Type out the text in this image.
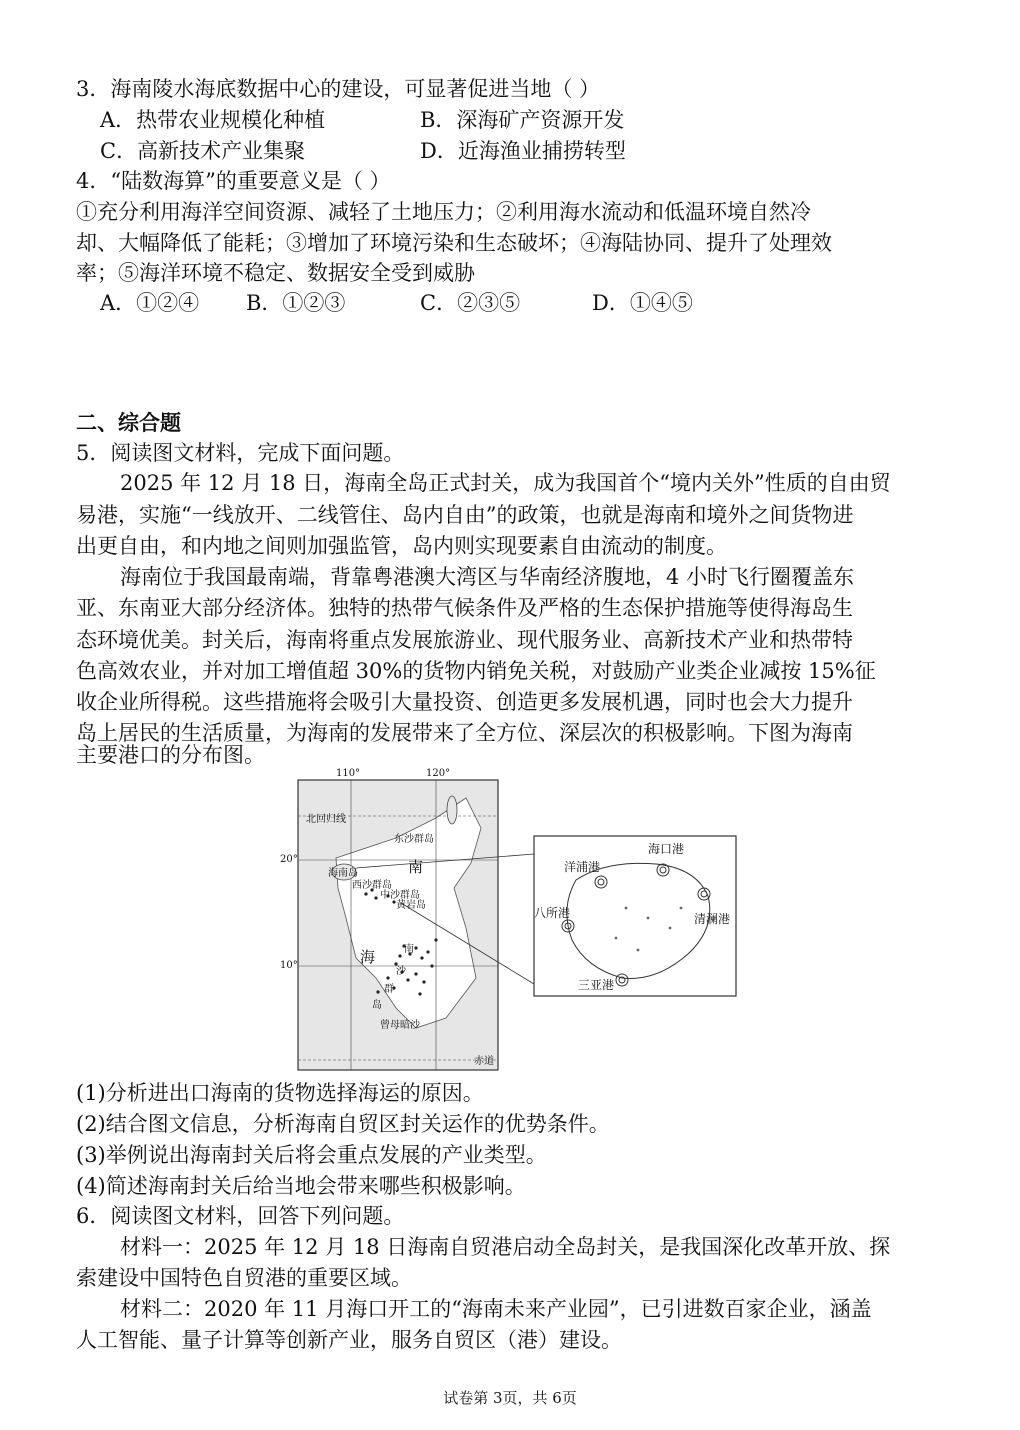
3．海南陵水海底数据中心的建设，可显著促进当地（ ）
A．热带农业规模化种植	B．深海矿产资源开发
C．高新技术产业集聚	D．近海渔业捕捞转型
4．“陆数海算”的重要意义是（ ）
①充分利用海洋空间资源、减轻了土地压力；②利用海水流动和低温环境自然冷
却、大幅降低了能耗；③增加了环境污染和生态破坏；④海陆协同、提升了处理效
率；⑤海洋环境不稳定、数据安全受到威胁
A．①②④ B．①②③	C．②③⑤	D．①④⑤
二、综合题
5．阅读图文材料，完成下面问题。
2025 年 12 月 18 日，海南全岛正式封关，成为我国首个“境内关外”性质的自由贸
易港，实施“一线放开、二线管住、岛内自由”的政策，也就是海南和境外之间货物进
出更自由，和内地之间则加强监管，岛内则实现要素自由流动的制度。
海南位于我国最南端，背靠粤港澳大湾区与华南经济腹地，4 小时飞行圈覆盖东
亚、东南亚大部分经济体。独特的热带气候条件及严格的生态保护措施等使得海岛生
态环境优美。封关后，海南将重点发展旅游业、现代服务业、高新技术产业和热带特
色高效农业，并对加工增值超 30%的货物内销免关税，对鼓励产业类企业减按 15%征
收企业所得税。这些措施将会吸引大量投资、创造更多发展机遇，同时也会大力提升
岛上居民的生活质量，为海南的发展带来了全方位、深层次的积极影响。下图为海南
主要港口的分布图。
110°	120°
20°
10°
北回归线
东沙群岛
海南岛
西沙群岛
中沙群岛
黄岩岛
南
海	南
沙
群
岛
曾母暗沙
赤道
海口港
洋浦港
八所港	清澜港
三亚港
(1)分析进出口海南的货物选择海运的原因。
(2)结合图文信息，分析海南自贸区封关运作的优势条件。
(3)举例说出海南封关后将会重点发展的产业类型。
(4)简述海南封关后给当地会带来哪些积极影响。
6．阅读图文材料，回答下列问题。
材料一：2025 年 12 月 18 日海南自贸港启动全岛封关，是我国深化改革开放、探
索建设中国特色自贸港的重要区域。
材料二：2020 年 11 月海口开工的“海南未来产业园”，已引进数百家企业，涵盖
人工智能、量子计算等创新产业，服务自贸区（港）建设。
试卷第 3页，共 6页
